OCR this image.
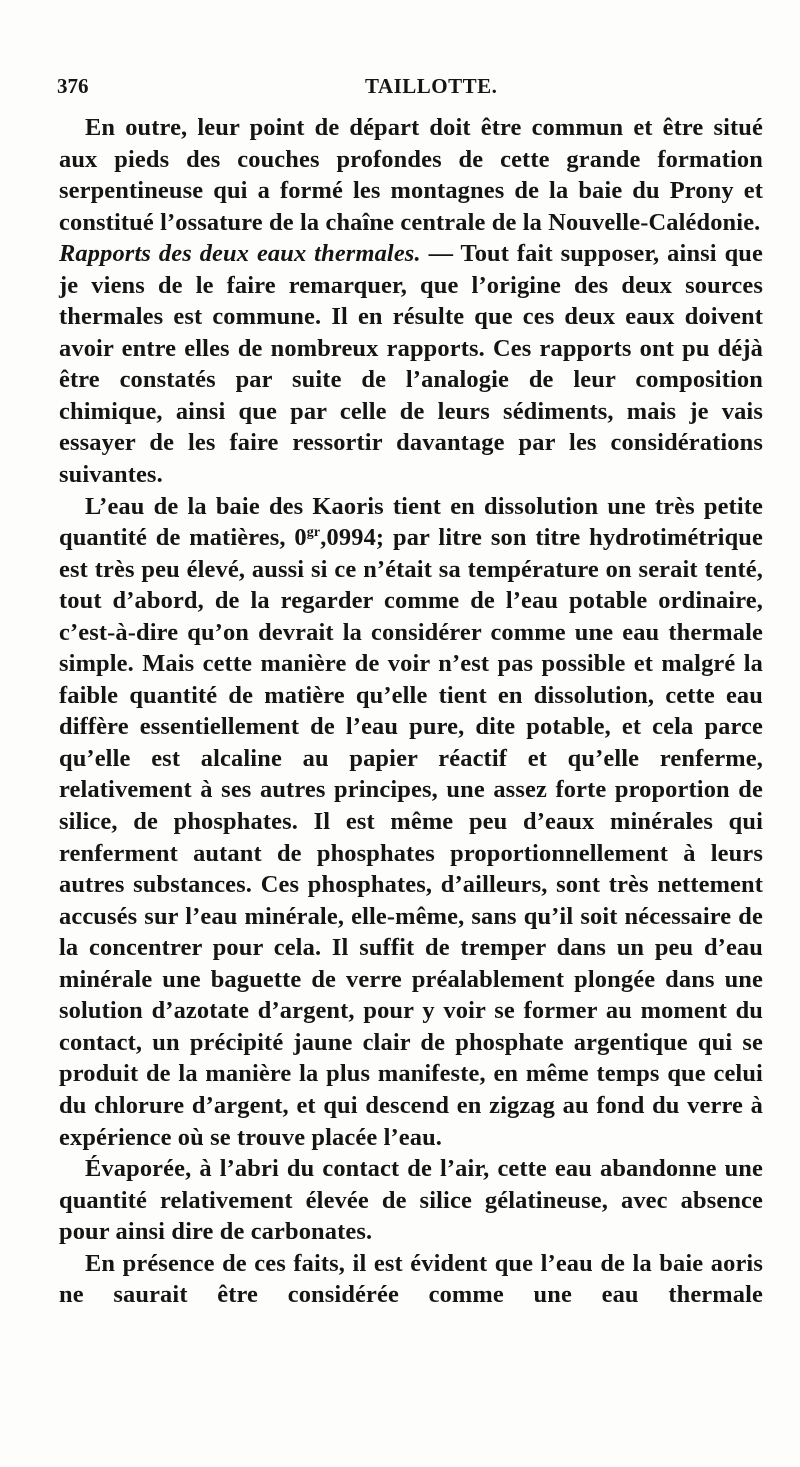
376	TAILLOTTE.

En outre, leur point de départ doit être commun et être situé aux pieds des couches profondes de cette grande formation serpentineuse qui a formé les montagnes de la baie du Prony et constitué l’ossature de la chaîne centrale de la Nouvelle-Calédonie.

Rapports des deux eaux thermales. — Tout fait supposer, ainsi que je viens de le faire remarquer, que l’origine des deux sources thermales est commune. Il en résulte que ces deux eaux doivent avoir entre elles de nombreux rapports. Ces rapports ont pu déjà être constatés par suite de l’analogie de leur composition chimique, ainsi que par celle de leurs sédiments, mais je vais essayer de les faire ressortir davantage par les considérations suivantes.

L’eau de la baie des Kaoris tient en dissolution une très petite quantité de matières, $0^{gr},0994$; par litre son titre hydrotimétrique est très peu élevé, aussi si ce n’était sa température on serait tenté, tout d’abord, de la regarder comme de l’eau potable ordinaire, c’est-à-dire qu’on devrait la considérer comme une eau thermale simple. Mais cette manière de voir n’est pas possible et malgré la faible quantité de matière qu’elle tient en dissolution, cette eau diffère essentiellement de l’eau pure, dite potable, et cela parce qu’elle est alcaline au papier réactif et qu’elle renferme, relativement à ses autres principes, une assez forte proportion de silice, de phosphates. Il est même peu d’eaux minérales qui renferment autant de phosphates proportionnellement à leurs autres substances. Ces phosphates, d’ailleurs, sont très nettement accusés sur l’eau minérale, elle-même, sans qu’il soit nécessaire de la concentrer pour cela. Il suffit de tremper dans un peu d’eau minérale une baguette de verre préalablement plongée dans une solution d’azotate d’argent, pour y voir se former au moment du contact, un précipité jaune clair de phosphate argentique qui se produit de la manière la plus manifeste, en même temps que celui du chlorure d’argent, et qui descend en zigzag au fond du verre à expérience où se trouve placée l’eau.

Évaporée, à l’abri du contact de l’air, cette eau abandonne une quantité relativement élevée de silice gélatineuse, avec absence pour ainsi dire de carbonates.

En présence de ces faits, il est évident que l’eau de la baie aoris ne saurait être considérée comme une eau thermale
